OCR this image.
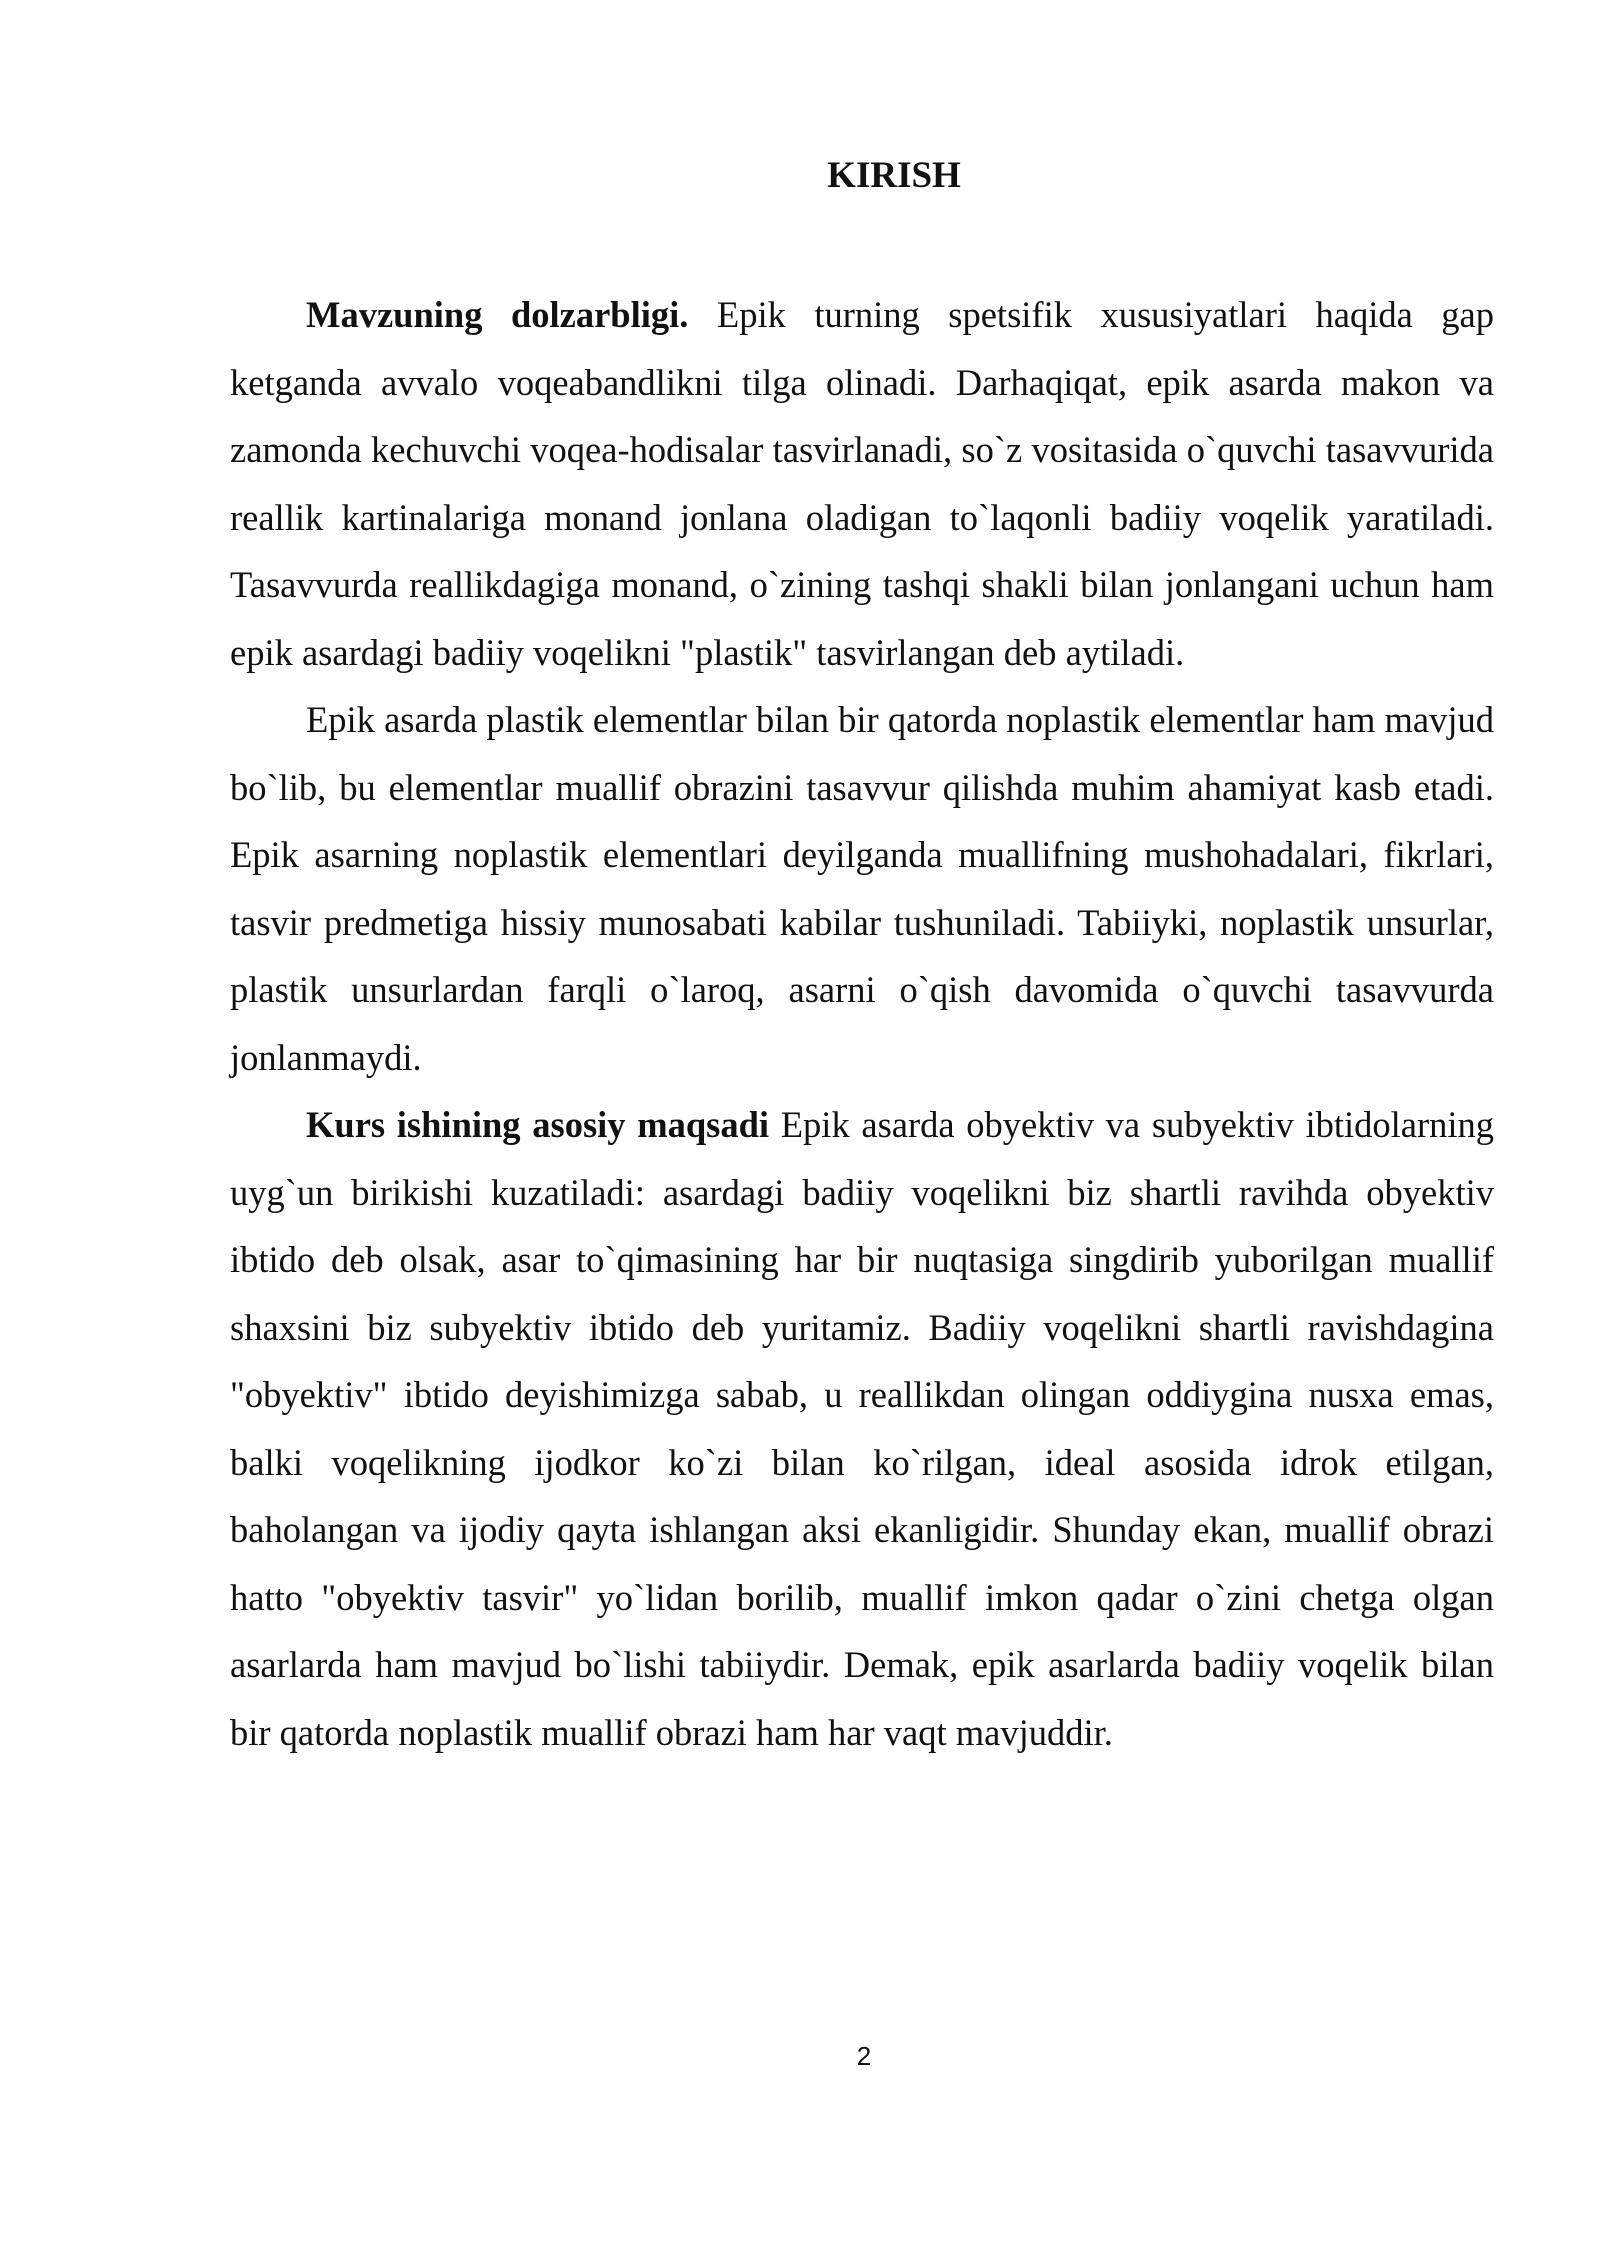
KIRISH

Mavzuning dolzarbligi. Epik turning spetsifik xususiyatlari haqida gap ketganda avvalo voqeabandlikni tilga olinadi. Darhaqiqat, epik asarda makon va zamonda kechuvchi voqea-hodisalar tasvirlanadi, so`z vositasida o`quvchi tasavvurida reallik kartinalariga monand jonlana oladigan to`laqonli badiiy voqelik yaratiladi. Tasavvurda reallikdagiga monand, o`zining tashqi shakli bilan jonlangani uchun ham epik asardagi badiiy voqelikni "plastik" tasvirlangan deb aytiladi.

Epik asarda plastik elementlar bilan bir qatorda noplastik elementlar ham mavjud bo`lib, bu elementlar muallif obrazini tasavvur qilishda muhim ahamiyat kasb etadi. Epik asarning noplastik elementlari deyilganda muallifning mushohadalari, fikrlari, tasvir predmetiga hissiy munosabati kabilar tushuniladi. Tabiiyki, noplastik unsurlar, plastik unsurlardan farqli o`laroq, asarni o`qish davomida o`quvchi tasavvurda jonlanmaydi.

Kurs ishining asosiy maqsadi Epik asarda obyektiv va subyektiv ibtidolarning uyg`un birikishi kuzatiladi: asardagi badiiy voqelikni biz shartli ravihda obyektiv ibtido deb olsak, asar to`qimasining har bir nuqtasiga singdirib yuborilgan muallif shaxsini biz subyektiv ibtido deb yuritamiz. Badiiy voqelikni shartli ravishdagina "obyektiv" ibtido deyishimizga sabab, u reallikdan olingan oddiygina nusxa emas, balki voqelikning ijodkor ko`zi bilan ko`rilgan, ideal asosida idrok etilgan, baholangan va ijodiy qayta ishlangan aksi ekanligidir. Shunday ekan, muallif obrazi hatto "obyektiv tasvir" yo`lidan borilib, muallif imkon qadar o`zini chetga olgan asarlarda ham mavjud bo`lishi tabiiydir. Demak, epik asarlarda badiiy voqelik bilan bir qatorda noplastik muallif obrazi ham har vaqt mavjuddir.

2
